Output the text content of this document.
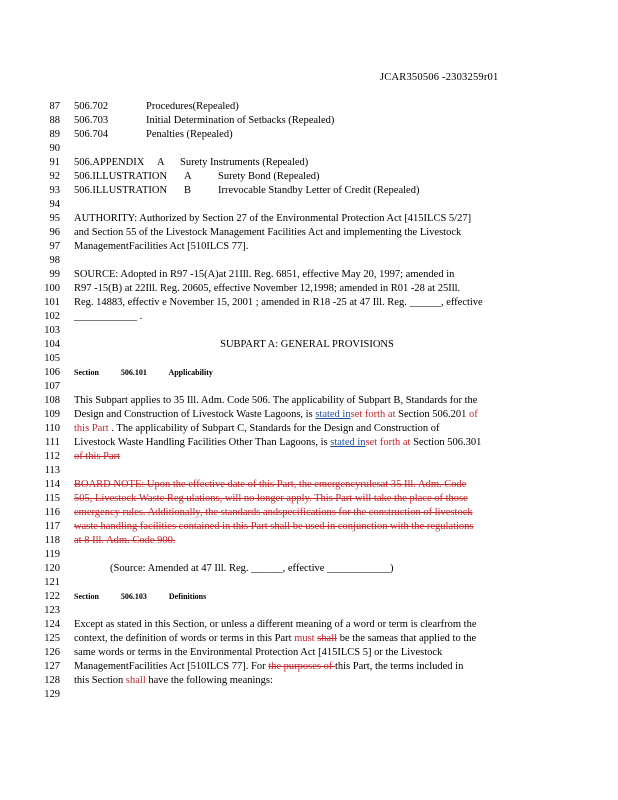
JCAR350506 -2303259r01
87
88
89
90
91
92
93
94
95
96
97
98
99
100
101
102
103
104
105
106
107
108
109
110
111
112
113
114
115
116
117
118
119
120
121
122
123
124
125
126
127
128
129
506.702	Procedures(Repealed)
506.703	Initial Determination of Setbacks (Repealed)
506.704	Penalties (Repealed)
506.APPENDIX A Surety Instruments (Repealed)
506.ILLUSTRATION A	Surety Bond (Repealed)
506.ILLUSTRATION B	Irrevocable Standby Letter of Credit (Repealed)
AUTHORITY: Authorized by Section 27 of the Environmental Protection Act [415ILCS 5/27]
and Section 55 of the Livestock Management Facilities Act and implementing the Livestock
ManagementFacilities Act [510ILCS 77].
SOURCE: Adopted in R97 -15(A)at 21Ill. Reg. 6851, effective May 20, 1997; amended in
R97 -15(B) at 22Ill. Reg. 20605, effective November 12,1998; amended in R01 -28 at 25Ill.
Reg. 14883, effectiv e November 15, 2001 ; amended in R18 -25 at 47 Ill. Reg. ______, effective
____________ .
SUBPART A: GENERAL PROVISIONS
Section	506.101	Applicability
This Subpart applies to 35 Ill. Adm. Code 506. The applicability of Subpart B, Standards for the
Design and Construction of Livestock Waste Lagoons, is stated inset forth at Section 506.201 of
this Part . The applicability of Subpart C, Standards for the Design and Construction of
Livestock Waste Handling Facilities Other Than Lagoons, is stated inset forth at Section 506.301
of this Part
BOARD NOTE: Upon the effective date of this Part, the emergencyrulesat 35 Ill. Adm. Code
505, Livestock Waste Reg ulations, will no longer apply. This Part will take the place of those
emergency rules. Additionally, the standards andspecifications for the construction of livestock
waste handling facilities contained in this Part shall be used in conjunction with the regulations
at 8 Ill. Adm. Code 900.
(Source: Amended at 47 Ill. Reg. ______, effective ____________)
Section	506.103	Definitions
Except as stated in this Section, or unless a different meaning of a word or term is clearfrom the
context, the definition of words or terms in this Part must shall be the sameas that applied to the
same words or terms in the Environmental Protection Act [415ILCS 5] or the Livestock
ManagementFacilities Act [510ILCS 77]. For the purposes of this Part, the terms included in
this Section shall have the following meanings:
